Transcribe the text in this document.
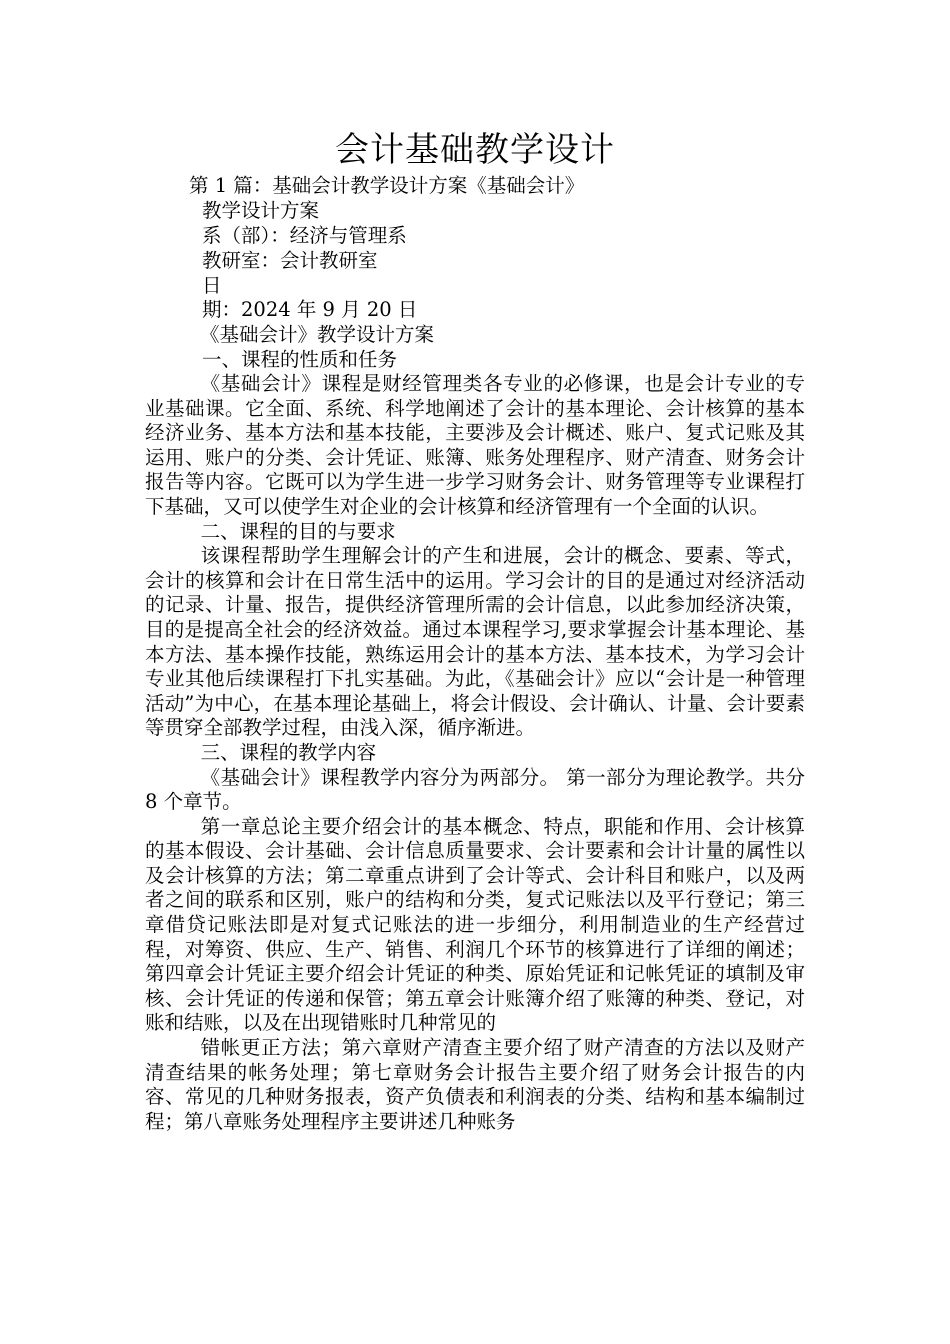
会计基础教学设计
第 1 篇：基础会计教学设计方案《基础会计》
教学设计方案
系（部）：经济与管理系
教研室：会计教研室
日
期：2024 年 9 月 20 日
《基础会计》教学设计方案
一、课程的性质和任务

《基础会计》课程是财经管理类各专业的必修课，也是会计专业的专业基础课。它全面、系统、科学地阐述了会计的基本理论、会计核算的基本经济业务、基本方法和基本技能，主要涉及会计概述、账户、复式记账及其运用、账户的分类、会计凭证、账簿、账务处理程序、财产清查、财务会计报告等内容。它既可以为学生进一步学习财务会计、财务管理等专业课程打下基础，又可以使学生对企业的会计核算和经济管理有一个全面的认识。

二、课程的目的与要求

该课程帮助学生理解会计的产生和进展，会计的概念、要素、等式，会计的核算和会计在日常生活中的运用。学习会计的目的是通过对经济活动的记录、计量、报告，提供经济管理所需的会计信息，以此参加经济决策，目的是提高全社会的经济效益。通过本课程学习,要求掌握会计基本理论、基本方法、基本操作技能，熟练运用会计的基本方法、基本技术，为学习会计专业其他后续课程打下扎实基础。为此，《基础会计》应以“会计是一种管理活动”为中心，在基本理论基础上，将会计假设、会计确认、计量、会计要素等贯穿全部教学过程，由浅入深，循序渐进。

三、课程的教学内容

《基础会计》课程教学内容分为两部分。 第一部分为理论教学。共分 8 个章节。

第一章总论主要介绍会计的基本概念、特点，职能和作用、会计核算的基本假设、会计基础、会计信息质量要求、会计要素和会计计量的属性以及会计核算的方法；第二章重点讲到了会计等式、会计科目和账户，以及两者之间的联系和区别，账户的结构和分类，复式记账法以及平行登记；第三章借贷记账法即是对复式记账法的进一步细分，利用制造业的生产经营过程，对筹资、供应、生产、销售、利润几个环节的核算进行了详细的阐述；第四章会计凭证主要介绍会计凭证的种类、原始凭证和记帐凭证的填制及审核、会计凭证的传递和保管；第五章会计账簿介绍了账簿的种类、登记，对账和结账，以及在出现错账时几种常见的

错帐更正方法；第六章财产清查主要介绍了财产清查的方法以及财产清查结果的帐务处理；第七章财务会计报告主要介绍了财务会计报告的内容、常见的几种财务报表，资产负债表和利润表的分类、结构和基本编制过程；第八章账务处理程序主要讲述几种账务
